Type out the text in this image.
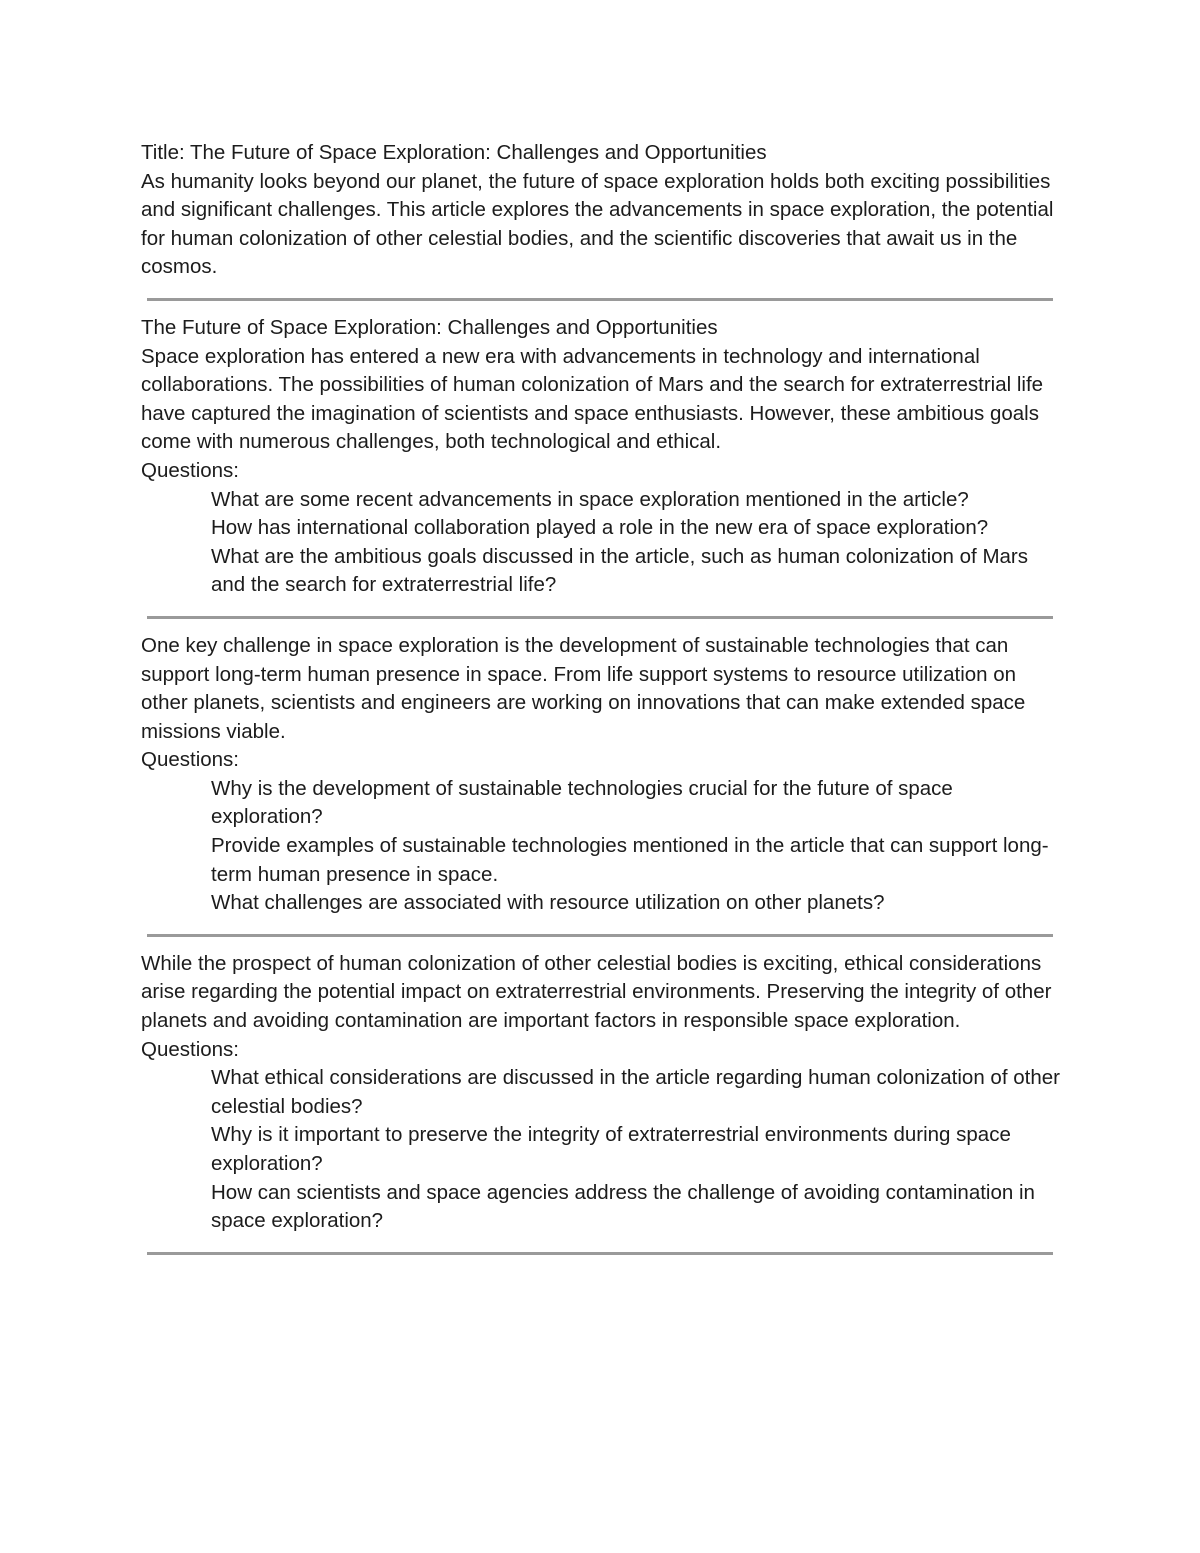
Title: The Future of Space Exploration: Challenges and Opportunities

As humanity looks beyond our planet, the future of space exploration holds both exciting possibilities and significant challenges. This article explores the advancements in space exploration, the potential for human colonization of other celestial bodies, and the scientific discoveries that await us in the cosmos.

The Future of Space Exploration: Challenges and Opportunities

Space exploration has entered a new era with advancements in technology and international collaborations. The possibilities of human colonization of Mars and the search for extraterrestrial life have captured the imagination of scientists and space enthusiasts. However, these ambitious goals come with numerous challenges, both technological and ethical.

Questions:

What are some recent advancements in space exploration mentioned in the article?
How has international collaboration played a role in the new era of space exploration?
What are the ambitious goals discussed in the article, such as human colonization of Mars and the search for extraterrestrial life?

One key challenge in space exploration is the development of sustainable technologies that can support long-term human presence in space. From life support systems to resource utilization on other planets, scientists and engineers are working on innovations that can make extended space missions viable.

Questions:

Why is the development of sustainable technologies crucial for the future of space exploration?
Provide examples of sustainable technologies mentioned in the article that can support long-term human presence in space.
What challenges are associated with resource utilization on other planets?

While the prospect of human colonization of other celestial bodies is exciting, ethical considerations arise regarding the potential impact on extraterrestrial environments. Preserving the integrity of other planets and avoiding contamination are important factors in responsible space exploration.

Questions:

What ethical considerations are discussed in the article regarding human colonization of other celestial bodies?
Why is it important to preserve the integrity of extraterrestrial environments during space exploration?
How can scientists and space agencies address the challenge of avoiding contamination in space exploration?
